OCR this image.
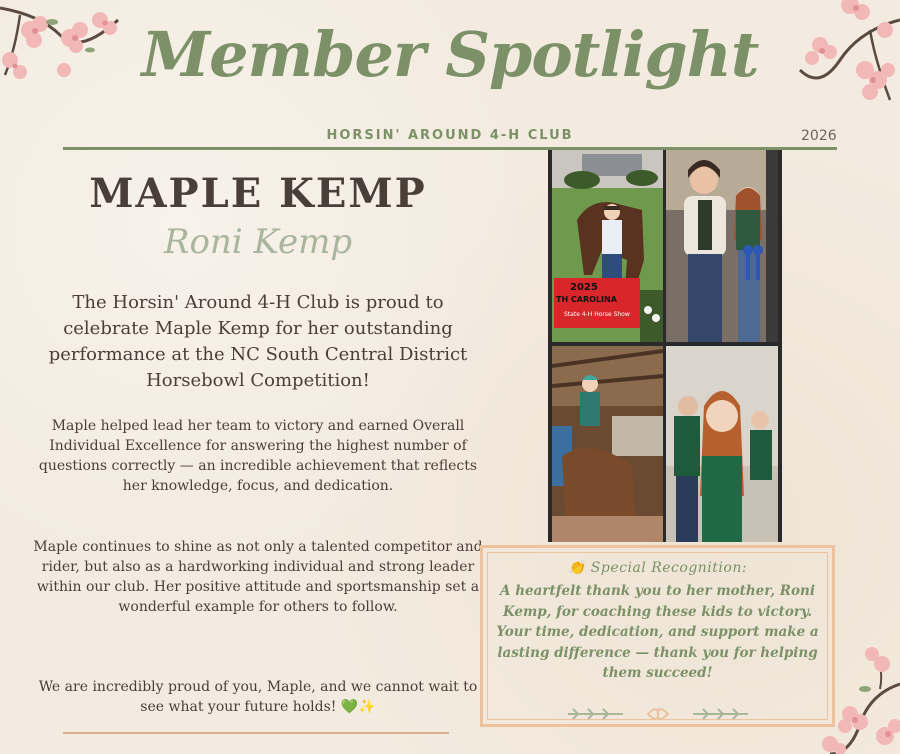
Member Spotlight
HORSIN' AROUND 4-H CLUB	2026
MAPLE KEMP
Roni Kemp
The Horsin' Around 4-H Club is proud to celebrate Maple Kemp for her outstanding performance at the NC South Central District Horsebowl Competition!
Maple helped lead her team to victory and earned Overall Individual Excellence for answering the highest number of questions correctly — an incredible achievement that reflects her knowledge, focus, and dedication.
Maple continues to shine as not only a talented competitor and rider, but also as a hardworking individual and strong leader within our club. Her positive attitude and sportsmanship set a wonderful example for others to follow.
We are incredibly proud of you, Maple, and we cannot wait to see what your future holds! 💚✨
2025
TH CAROLINA
State 4-H Horse Show
👏 Special Recognition:
A heartfelt thank you to her mother, Roni Kemp, for coaching these kids to victory. Your time, dedication, and support make a lasting difference — thank you for helping them succeed!
